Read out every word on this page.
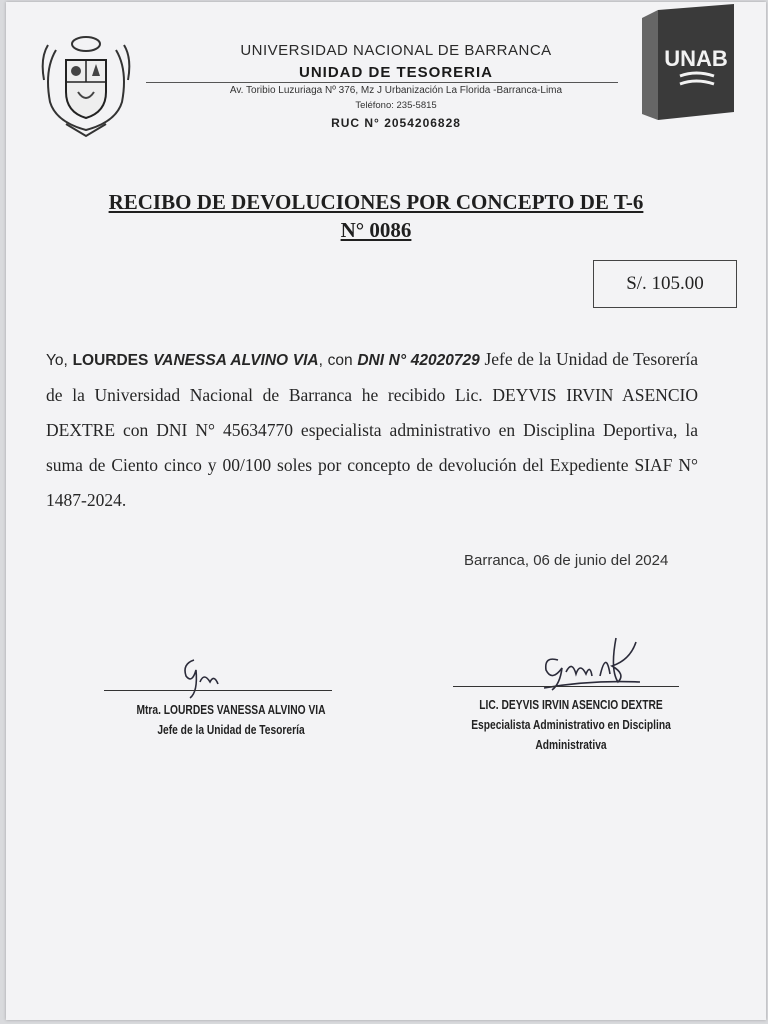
UNIVERSIDAD NACIONAL DE BARRANCA
UNIDAD DE TESORERIA
Av. Toribio Luzuriaga Nº 376, Mz J Urbanización La Florida -Barranca-Lima
Teléfono: 235-5815
RUC N° 2054206828
UNAB
RECIBO DE DEVOLUCIONES POR CONCEPTO DE T-6
N° 0086
S/. 105.00
Yo, LOURDES VANESSA ALVINO VIA, con DNI N° 42020729 Jefe de la Unidad de Tesorería de la Universidad Nacional de Barranca he recibido Lic. DEYVIS IRVIN ASENCIO DEXTRE con DNI N° 45634770 especialista administrativo en Disciplina Deportiva, la suma de Ciento cinco y 00/100 soles por concepto de devolución del Expediente SIAF N° 1487-2024.
Barranca, 06 de junio del 2024
Mtra. LOURDES VANESSA ALVINO VIA
Jefe de la Unidad de Tesorería
LIC. DEYVIS IRVIN ASENCIO DEXTRE
Especialista Administrativo en Disciplina
Administrativa
